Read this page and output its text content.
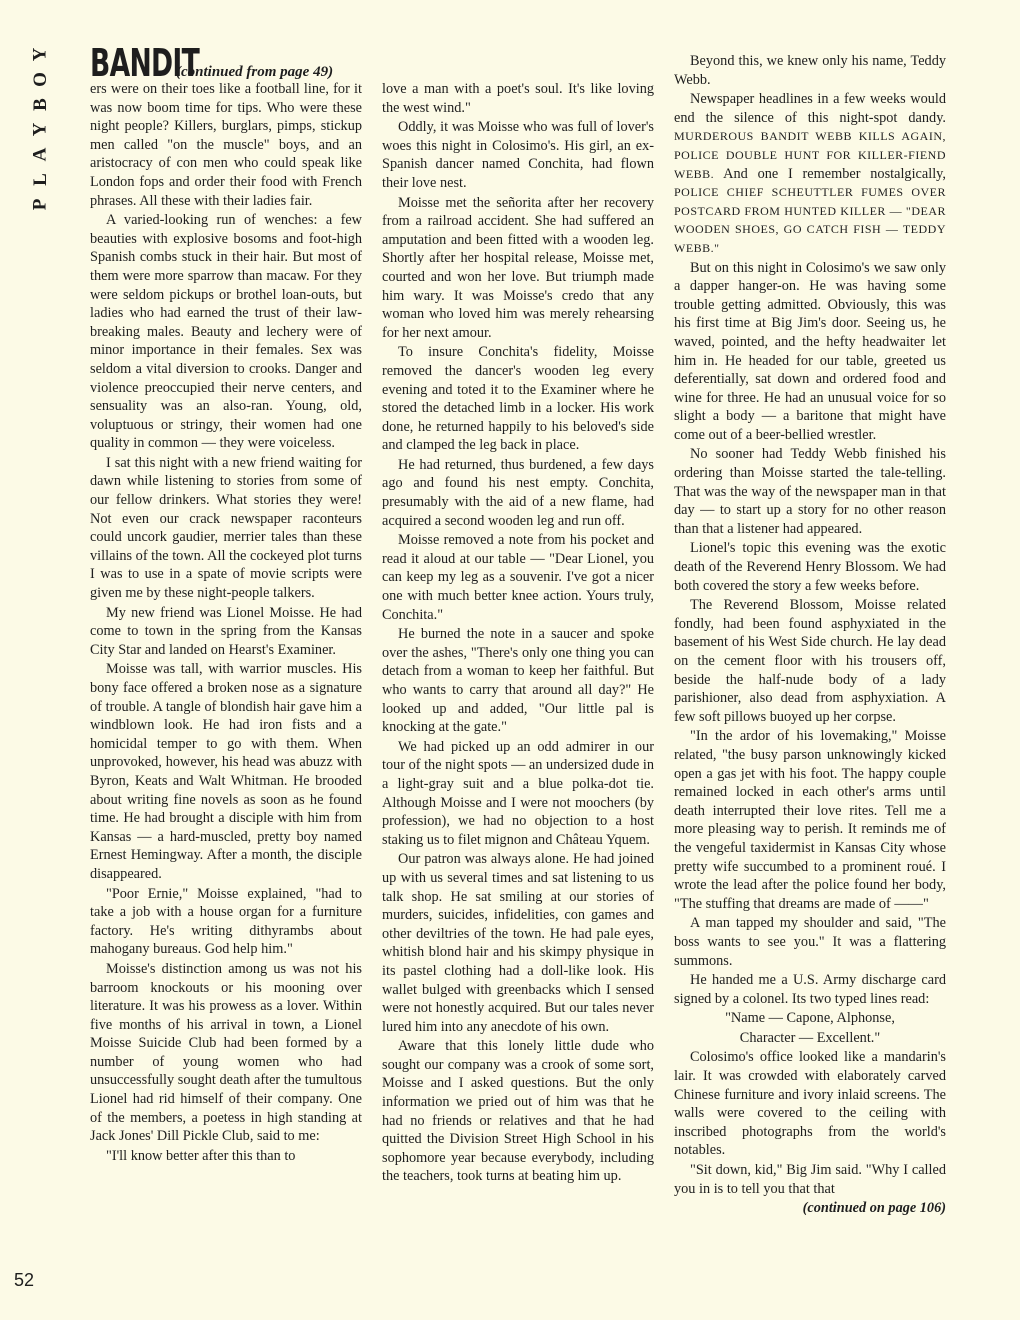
Y
O
B
Y
A
L
P
BANDIT
(continued from page 49)

ers were on their toes like a football line, for it was now boom time for tips. Who were these night people? Killers, burglars, pimps, stickup men called "on the muscle" boys, and an aristocracy of con men who could speak like London fops and order their food with French phrases. All these with their ladies fair.

A varied-looking run of wenches: a few beauties with explosive bosoms and foot-high Spanish combs stuck in their hair. But most of them were more sparrow than macaw. For they were seldom pickups or brothel loan-outs, but ladies who had earned the trust of their law-breaking males. Beauty and lechery were of minor importance in their females. Sex was seldom a vital diversion to crooks. Danger and violence preoccupied their nerve centers, and sensuality was an also-ran. Young, old, voluptuous or stringy, their women had one quality in common — they were voiceless.

I sat this night with a new friend waiting for dawn while listening to stories from some of our fellow drinkers. What stories they were! Not even our crack newspaper raconteurs could uncork gaudier, merrier tales than these villains of the town. All the cockeyed plot turns I was to use in a spate of movie scripts were given me by these night-people talkers.

My new friend was Lionel Moisse. He had come to town in the spring from the Kansas City Star and landed on Hearst's Examiner.

Moisse was tall, with warrior muscles. His bony face offered a broken nose as a signature of trouble. A tangle of blondish hair gave him a windblown look. He had iron fists and a homicidal temper to go with them. When unprovoked, however, his head was abuzz with Byron, Keats and Walt Whitman. He brooded about writing fine novels as soon as he found time. He had brought a disciple with him from Kansas — a hard-muscled, pretty boy named Ernest Hemingway. After a month, the disciple disappeared.

"Poor Ernie," Moisse explained, "had to take a job with a house organ for a furniture factory. He's writing dithyrambs about mahogany bureaus. God help him."

Moisse's distinction among us was not his barroom knockouts or his mooning over literature. It was his prowess as a lover. Within five months of his arrival in town, a Lionel Moisse Suicide Club had been formed by a number of young women who had unsuccessfully sought death after the tumultous Lionel had rid himself of their company. One of the members, a poetess in high standing at Jack Jones' Dill Pickle Club, said to me:

"I'll know better after this than to

love a man with a poet's soul. It's like loving the west wind."

Oddly, it was Moisse who was full of lover's woes this night in Colosimo's. His girl, an ex-Spanish dancer named Conchita, had flown their love nest.

Moisse met the señorita after her recovery from a railroad accident. She had suffered an amputation and been fitted with a wooden leg. Shortly after her hospital release, Moisse met, courted and won her love. But triumph made him wary. It was Moisse's credo that any woman who loved him was merely rehearsing for her next amour.

To insure Conchita's fidelity, Moisse removed the dancer's wooden leg every evening and toted it to the Examiner where he stored the detached limb in a locker. His work done, he returned happily to his beloved's side and clamped the leg back in place.

He had returned, thus burdened, a few days ago and found his nest empty. Conchita, presumably with the aid of a new flame, had acquired a second wooden leg and run off.

Moisse removed a note from his pocket and read it aloud at our table — "Dear Lionel, you can keep my leg as a souvenir. I've got a nicer one with much better knee action. Yours truly, Conchita."

He burned the note in a saucer and spoke over the ashes, "There's only one thing you can detach from a woman to keep her faithful. But who wants to carry that around all day?" He looked up and added, "Our little pal is knocking at the gate."

We had picked up an odd admirer in our tour of the night spots — an undersized dude in a light-gray suit and a blue polka-dot tie. Although Moisse and I were not moochers (by profession), we had no objection to a host staking us to filet mignon and Château Yquem.

Our patron was always alone. He had joined up with us several times and sat listening to us talk shop. He sat smiling at our stories of murders, suicides, infidelities, con games and other deviltries of the town. He had pale eyes, whitish blond hair and his skimpy physique in its pastel clothing had a doll-like look. His wallet bulged with greenbacks which I sensed were not honestly acquired. But our tales never lured him into any anecdote of his own.

Aware that this lonely little dude who sought our company was a crook of some sort, Moisse and I asked questions. But the only information we pried out of him was that he had no friends or relatives and that he had quitted the Division Street High School in his sophomore year because everybody, including the teachers, took turns at beating him up.

Beyond this, we knew only his name, Teddy Webb.

Newspaper headlines in a few weeks would end the silence of this night-spot dandy. MURDEROUS BANDIT WEBB KILLS AGAIN, POLICE DOUBLE HUNT FOR KILLER-FIEND WEBB. And one I remember nostalgically, POLICE CHIEF SCHEUTTLER FUMES OVER POSTCARD FROM HUNTED KILLER — "DEAR WOODEN SHOES, GO CATCH FISH — TEDDY WEBB."

But on this night in Colosimo's we saw only a dapper hanger-on. He was having some trouble getting admitted. Obviously, this was his first time at Big Jim's door. Seeing us, he waved, pointed, and the hefty headwaiter let him in. He headed for our table, greeted us deferentially, sat down and ordered food and wine for three. He had an unusual voice for so slight a body — a baritone that might have come out of a beer-bellied wrestler.

No sooner had Teddy Webb finished his ordering than Moisse started the tale-telling. That was the way of the newspaper man in that day — to start up a story for no other reason than that a listener had appeared.

Lionel's topic this evening was the exotic death of the Reverend Henry Blossom. We had both covered the story a few weeks before.

The Reverend Blossom, Moisse related fondly, had been found asphyxiated in the basement of his West Side church. He lay dead on the cement floor with his trousers off, beside the half-nude body of a lady parishioner, also dead from asphyxiation. A few soft pillows buoyed up her corpse.

"In the ardor of his lovemaking," Moisse related, "the busy parson unknowingly kicked open a gas jet with his foot. The happy couple remained locked in each other's arms until death interrupted their love rites. Tell me a more pleasing way to perish. It reminds me of the vengeful taxidermist in Kansas City whose pretty wife succumbed to a prominent roué. I wrote the lead after the police found her body, "The stuffing that dreams are made of ——"

A man tapped my shoulder and said, "The boss wants to see you." It was a flattering summons.

He handed me a U.S. Army discharge card signed by a colonel. Its two typed lines read:

"Name — Capone, Alphonse,

Character — Excellent."

Colosimo's office looked like a mandarin's lair. It was crowded with elaborately carved Chinese furniture and ivory inlaid screens. The walls were covered to the ceiling with inscribed photographs from the world's notables.

"Sit down, kid," Big Jim said. "Why I called you in is to tell you that that

(continued on page 106)

52
